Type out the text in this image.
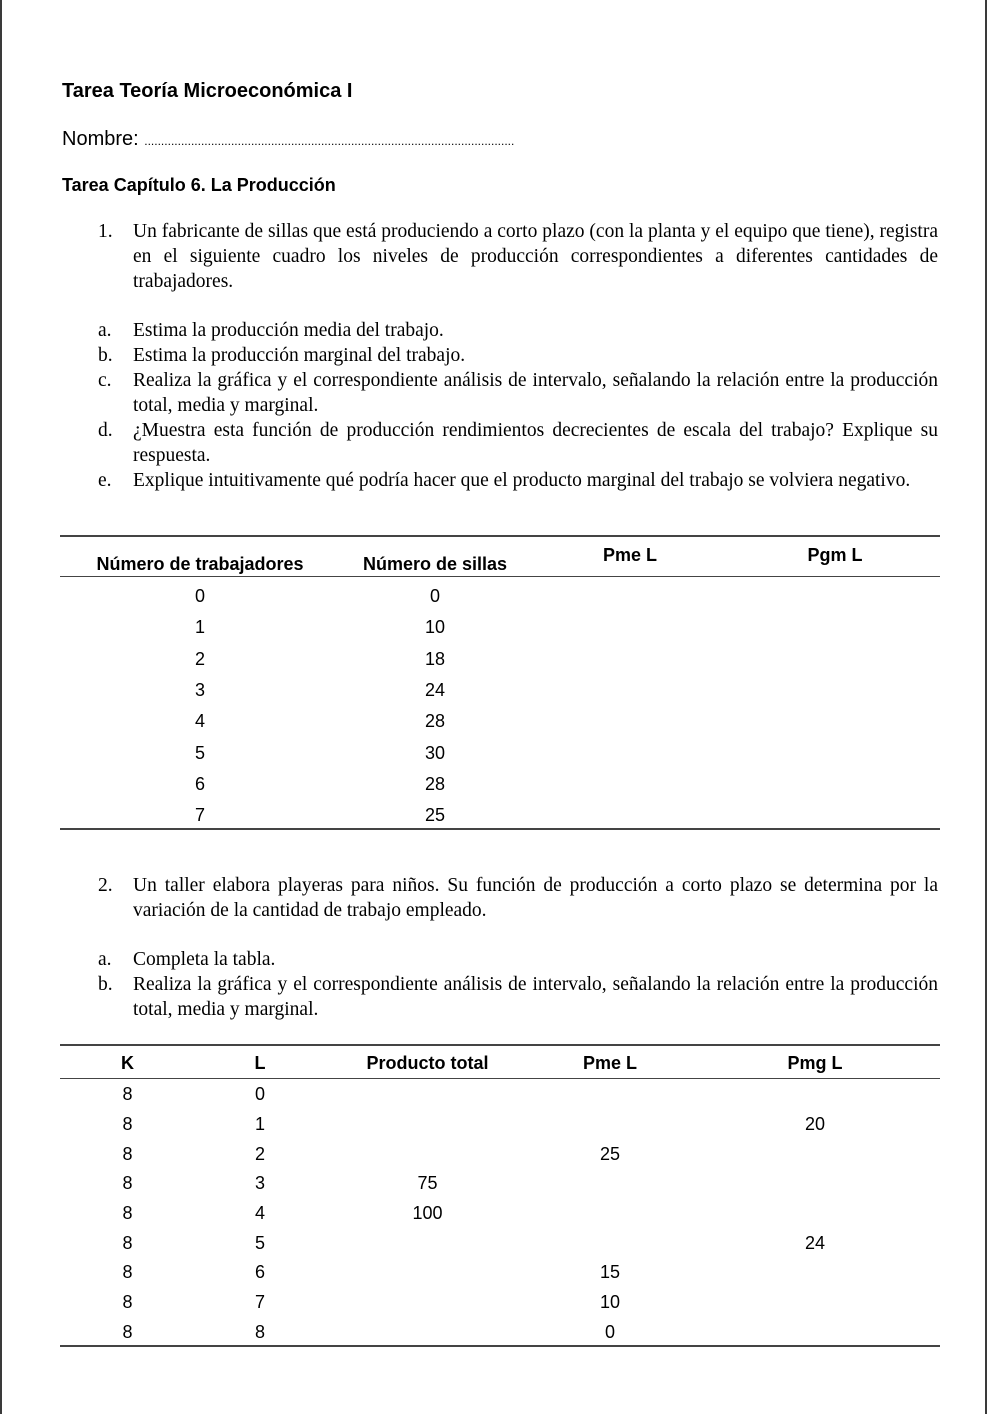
Tarea Teoría Microeconómica I
Nombre: ...............................................................................................................
Tarea Capítulo 6. La Producción
1. Un fabricante de sillas que está produciendo a corto plazo (con la planta y el equipo que tiene), registra en el siguiente cuadro los niveles de producción correspondientes a diferentes cantidades de trabajadores.
a. Estima la producción media del trabajo.
b. Estima la producción marginal del trabajo.
c. Realiza la gráfica y el correspondiente análisis de intervalo, señalando la relación entre la producción total, media y marginal.
d. ¿Muestra esta función de producción rendimientos decrecientes de escala del trabajo? Explique su respuesta.
e. Explique intuitivamente qué podría hacer que el producto marginal del trabajo se volviera negativo.
Número de trabajadores	Número de sillas	Pme L	Pgm L
0	0		
1	10		
2	18		
3	24		
4	28		
5	30		
6	28		
7	25		
2. Un taller elabora playeras para niños. Su función de producción a corto plazo se determina por la variación de la cantidad de trabajo empleado.
a. Completa la tabla.
b. Realiza la gráfica y el correspondiente análisis de intervalo, señalando la relación entre la producción total, media y marginal.
K	L	Producto total	Pme L	Pmg L
8	0			
8	1			20
8	2		25	
8	3	75		
8	4	100		
8	5			24
8	6		15	
8	7		10	
8	8		0	
